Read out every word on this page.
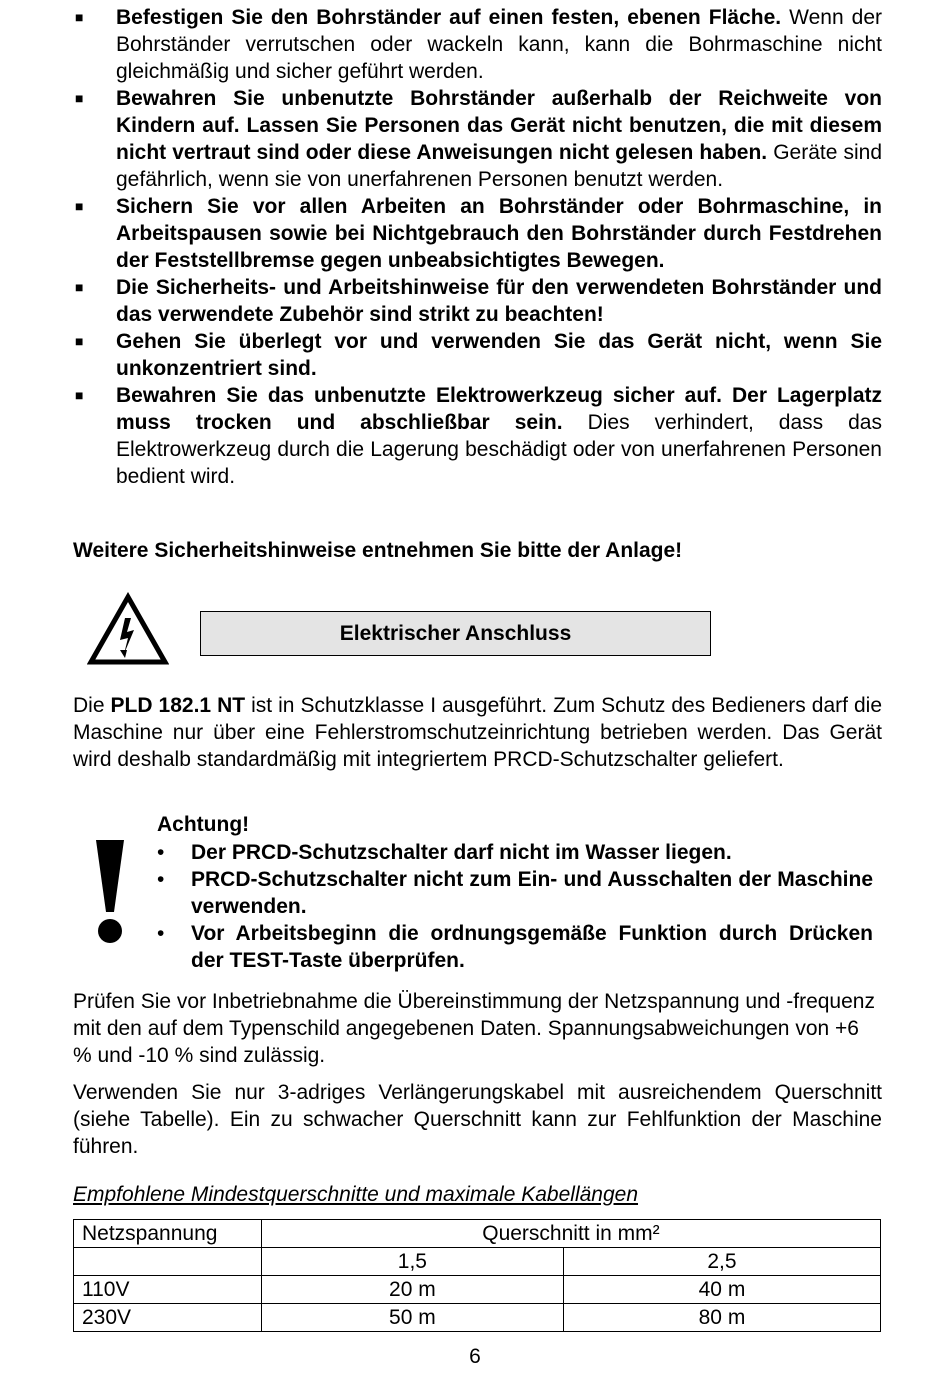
■	Befestigen Sie den Bohrständer auf einen festen, ebenen Fläche. Wenn der Bohrständer verrutschen oder wackeln kann, kann die Bohrmaschine nicht gleichmäßig und sicher geführt werden.
■	Bewahren Sie unbenutzte Bohrständer außerhalb der Reichweite von Kindern auf. Lassen Sie Personen das Gerät nicht benutzen, die mit diesem nicht vertraut sind oder diese Anweisungen nicht gelesen haben. Geräte sind gefährlich, wenn sie von unerfahrenen Personen benutzt werden.
■	Sichern Sie vor allen Arbeiten an Bohrständer oder Bohrmaschine, in Arbeitspausen sowie bei Nichtgebrauch den Bohrständer durch Festdrehen der Feststellbremse gegen unbeabsichtigtes Bewegen.
■	Die Sicherheits- und Arbeitshinweise für den verwendeten Bohrständer und das verwendete Zubehör sind strikt zu beachten!
■	Gehen Sie überlegt vor und verwenden Sie das Gerät nicht, wenn Sie unkonzentriert sind.
■	Bewahren Sie das unbenutzte Elektrowerkzeug sicher auf. Der Lagerplatz muss trocken und abschließbar sein. Dies verhindert, dass das Elektrowerkzeug durch die Lagerung beschädigt oder von unerfahrenen Personen bedient wird.
Weitere Sicherheitshinweise entnehmen Sie bitte der Anlage!
Elektrischer Anschluss
Die PLD 182.1 NT ist in Schutzklasse I ausgeführt. Zum Schutz des Bedieners darf die Maschine nur über eine Fehlerstromschutzeinrichtung betrieben werden. Das Gerät wird deshalb standardmäßig mit integriertem PRCD-Schutzschalter geliefert.
Achtung!
•	Der PRCD-Schutzschalter darf nicht im Wasser liegen.
•	PRCD-Schutzschalter nicht zum Ein- und Ausschalten der Maschine verwenden.
•	Vor Arbeitsbeginn die ordnungsgemäße Funktion durch Drücken der TEST-Taste überprüfen.
Prüfen Sie vor Inbetriebnahme die Übereinstimmung der Netzspannung und -frequenz mit den auf dem Typenschild angegebenen Daten. Spannungsabweichungen von +6 % und -10 % sind zulässig.
Verwenden Sie nur 3-adriges Verlängerungskabel mit ausreichendem Querschnitt (siehe Tabelle). Ein zu schwacher Querschnitt kann zur Fehlfunktion der Maschine führen.
Empfohlene Mindestquerschnitte und maximale Kabellängen
Netzspannung	Querschnitt in mm²	
	1,5	2,5
110V	20 m	40 m
230V	50 m	80 m
6
